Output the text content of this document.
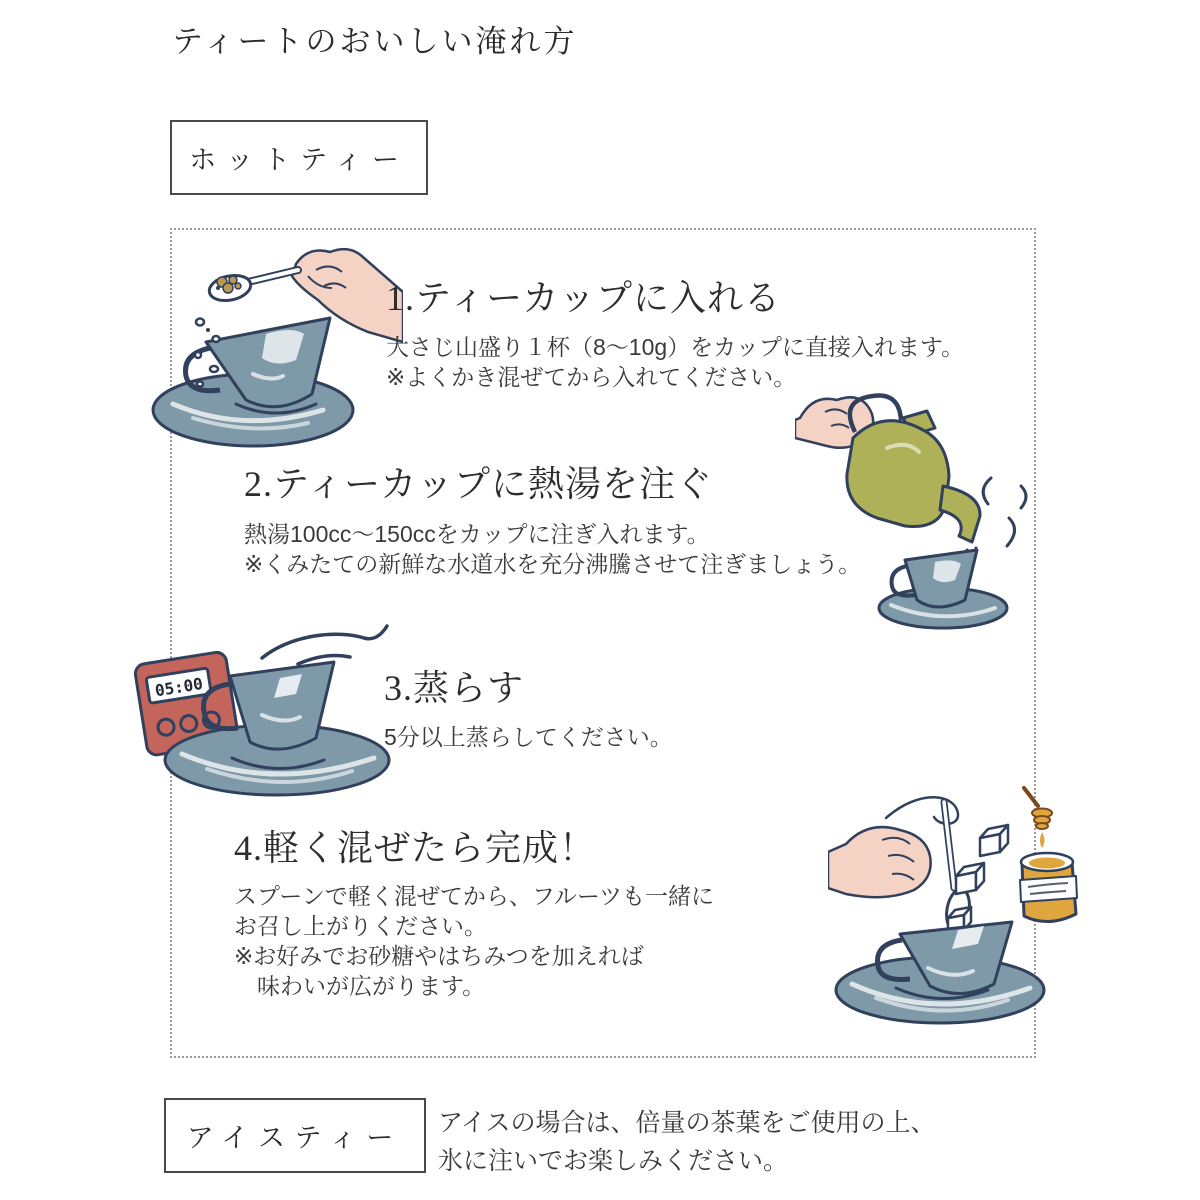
ティートのおいしい淹れ方
ホットティー
1.ティーカップに入れる
大さじ山盛り１杯（8～10g）をカップに直接入れます。
※よくかき混ぜてから入れてください。
2.ティーカップに熱湯を注ぐ
熱湯100cc～150ccをカップに注ぎ入れます。
※くみたての新鮮な水道水を充分沸騰させて注ぎましょう。
05:00	3.蒸らす
5分以上蒸らしてください。
4.軽く混ぜたら完成！
スプーンで軽く混ぜてから、フルーツも一緒に
お召し上がりください。
※お好みでお砂糖やはちみつを加えれば
　味わいが広がります。
アイスティー アイスの場合は、倍量の茶葉をご使用の上、
氷に注いでお楽しみください。
